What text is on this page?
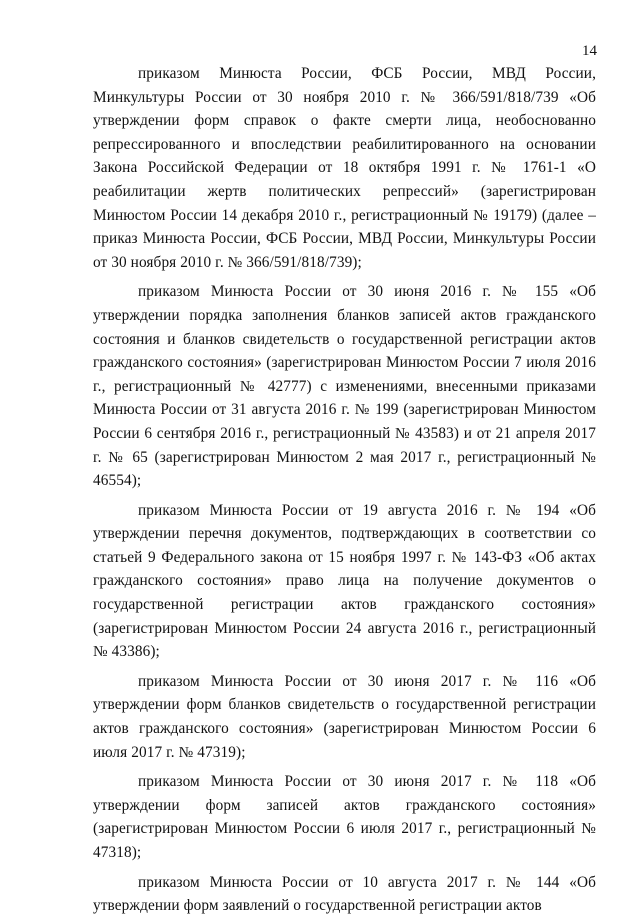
14

приказом Минюста России, ФСБ России, МВД России, Минкультуры России от 30 ноября 2010 г. № 366/591/818/739 «Об утверждении форм справок о факте смерти лица, необоснованно репрессированного и впоследствии реабилитированного на основании Закона Российской Федерации от 18 октября 1991 г. № 1761-1 «О реабилитации жертв политических репрессий» (зарегистрирован Минюстом России 14 декабря 2010 г., регистрационный № 19179) (далее – приказ Минюста России, ФСБ России, МВД России, Минкультуры России от 30 ноября 2010 г. № 366/591/818/739);

приказом Минюста России от 30 июня 2016 г. № 155 «Об утверждении порядка заполнения бланков записей актов гражданского состояния и бланков свидетельств о государственной регистрации актов гражданского состояния» (зарегистрирован Минюстом России 7 июля 2016 г., регистрационный № 42777) с изменениями, внесенными приказами Минюста России от 31 августа 2016 г. № 199 (зарегистрирован Минюстом России 6 сентября 2016 г., регистрационный № 43583) и от 21 апреля 2017 г. № 65 (зарегистрирован Минюстом 2 мая 2017 г., регистрационный № 46554);

приказом Минюста России от 19 августа 2016 г. № 194 «Об утверждении перечня документов, подтверждающих в соответствии со статьей 9 Федерального закона от 15 ноября 1997 г. № 143-ФЗ «Об актах гражданского состояния» право лица на получение документов о государственной регистрации актов гражданского состояния» (зарегистрирован Минюстом России 24 августа 2016 г., регистрационный № 43386);

приказом Минюста России от 30 июня 2017 г. № 116 «Об утверждении форм бланков свидетельств о государственной регистрации актов гражданского состояния» (зарегистрирован Минюстом России 6 июля 2017 г. № 47319);

приказом Минюста России от 30 июня 2017 г. № 118 «Об утверждении форм записей актов гражданского состояния» (зарегистрирован Минюстом России 6 июля 2017 г., регистрационный № 47318);

приказом Минюста России от 10 августа 2017 г. № 144 «Об утверждении форм заявлений о государственной регистрации актов
